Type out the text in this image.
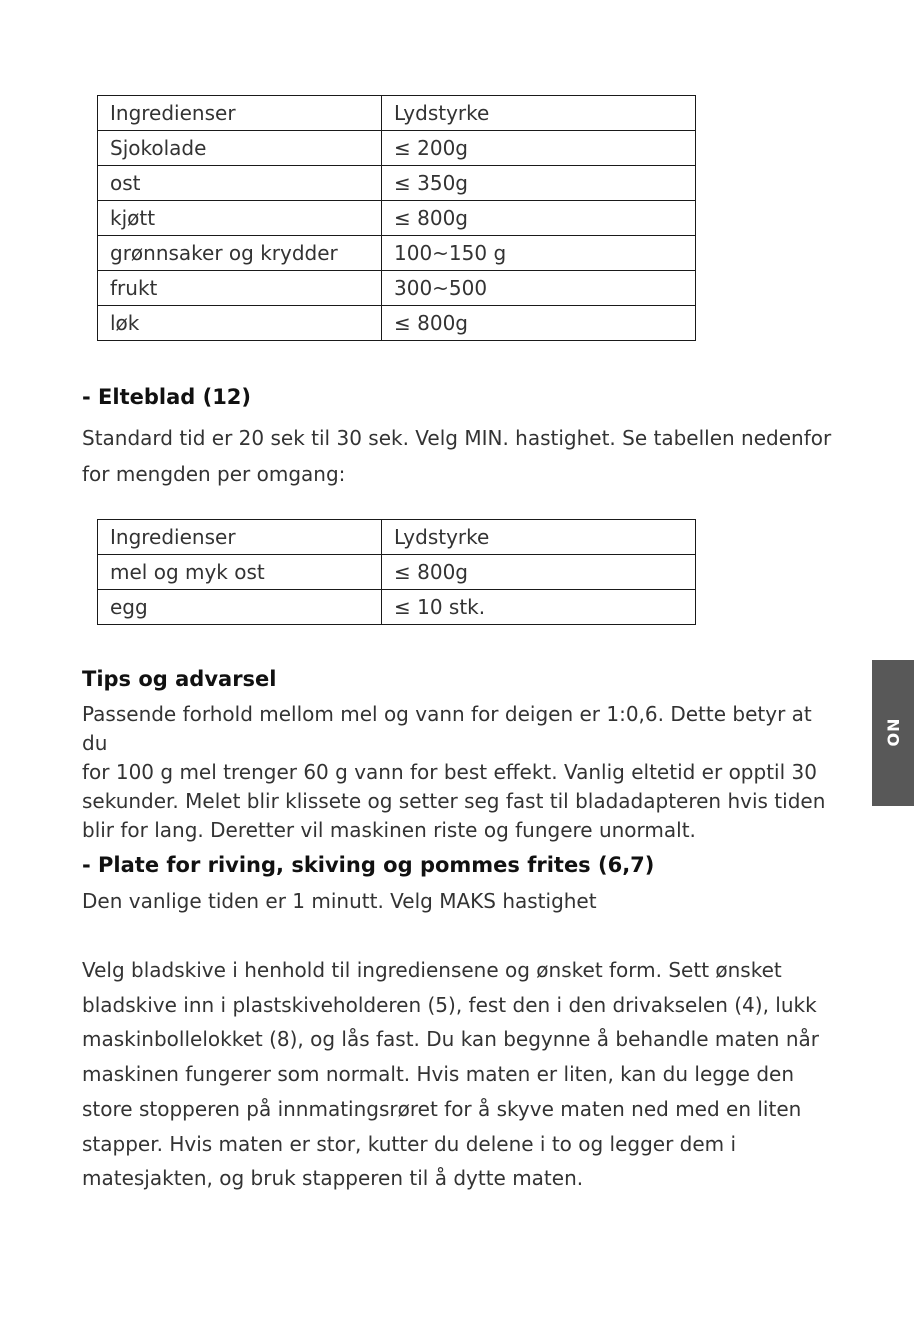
Ingredienser	Lydstyrke
Sjokolade	≤ 200g
ost	≤ 350g
kjøtt	≤ 800g
grønnsaker og krydder	100~150 g
frukt	300~500
løk	≤ 800g
- Elteblad (12)

Standard tid er 20 sek til 30 sek. Velg MIN. hastighet. Se tabellen nedenfor
for mengden per omgang:

Ingredienser	Lydstyrke
mel og myk ost	≤ 800g
egg	≤ 10 stk.
Tips og advarsel

Passende forhold mellom mel og vann for deigen er 1:0,6. Dette betyr at du
for 100 g mel trenger 60 g vann for best effekt. Vanlig eltetid er opptil 30
sekunder. Melet blir klissete og setter seg fast til bladadapteren hvis tiden
blir for lang. Deretter vil maskinen riste og fungere unormalt.

- Plate for riving, skiving og pommes frites (6,7)

Den vanlige tiden er 1 minutt. Velg MAKS hastighet

Velg bladskive i henhold til ingrediensene og ønsket form. Sett ønsket
bladskive inn i plastskiveholderen (5), fest den i den drivakselen (4), lukk
maskinbollelokket (8), og lås fast. Du kan begynne å behandle maten når
maskinen fungerer som normalt. Hvis maten er liten, kan du legge den
store stopperen på innmatingsrøret for å skyve maten ned med en liten
stapper. Hvis maten er stor, kutter du delene i to og legger dem i
matesjakten, og bruk stapperen til å dytte maten.

NO
